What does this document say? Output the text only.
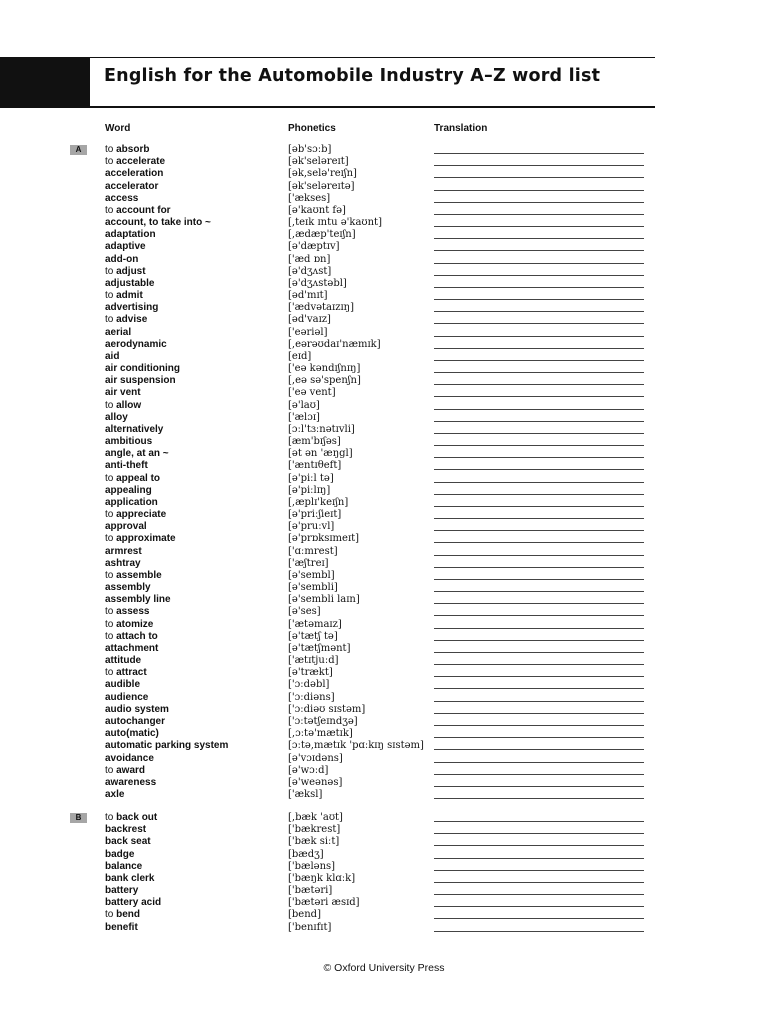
English for the Automobile Industry A–Z word list
Word	Phonetics	Translation
A	to absorb	[əb'sɔːb]
to accelerate	[ək'seləreɪt]
acceleration	[ək,selə'reɪʃn]
accelerator	[ək'seləreɪtə]
access	['ækses]
to account for	[ə'kaʊnt fə]
account, to take into ~	[,teɪk ɪntu ə'kaʊnt]
adaptation	[,ædæp'teɪʃn]
adaptive	[ə'dæptɪv]
add-on	['æd ɒn]
to adjust	[ə'dʒʌst]
adjustable	[ə'dʒʌstəbl]
to admit	[əd'mɪt]
advertising	['ædvətaɪzɪŋ]
to advise	[əd'vaɪz]
aerial	['eəriəl]
aerodynamic	[,eərəʊdaɪ'næmɪk]
aid	[eɪd]
air conditioning	['eə kəndɪʃnɪŋ]
air suspension	[,eə sə'spenʃn]
air vent	['eə vent]
to allow	[ə'laʊ]
alloy	['ælɔɪ]
alternatively	[ɔːl'tɜːnətɪvli]
ambitious	[æm'bɪʃəs]
angle, at an ~	[ət ən 'æŋgl]
anti-theft	['æntɪθeft]
to appeal to	[ə'piːl tə]
appealing	[ə'piːlɪŋ]
application	[,æplɪ'keɪʃn]
to appreciate	[ə'priːʃieɪt]
approval	[ə'pruːvl]
to approximate	[ə'prɒksɪmeɪt]
armrest	['ɑːmrest]
ashtray	['æʃtreɪ]
to assemble	[ə'sembl]
assembly	[ə'sembli]
assembly line	[ə'sembli laɪn]
to assess	[ə'ses]
to atomize	['ætəmaɪz]
to attach to	[ə'tætʃ tə]
attachment	[ə'tætʃmənt]
attitude	['ætɪtjuːd]
to attract	[ə'trækt]
audible	['ɔːdəbl]
audience	['ɔːdiəns]
audio system	['ɔːdiəʊ sɪstəm]
autochanger	['ɔːtətʃeɪndʒə]
auto(matic)	[,ɔːtə'mætɪk]
automatic parking system	[ɔːtə,mætɪk 'pɑːkɪŋ sɪstəm]
avoidance	[ə'vɔɪdəns]
to award	[ə'wɔːd]
awareness	[ə'weənəs]
axle	['æksl]
B	to back out	[,bæk 'aʊt]
backrest	['bækrest]
back seat	['bæk siːt]
badge	[bædʒ]
balance	['bæləns]
bank clerk	['bæŋk klɑːk]
battery	['bætəri]
battery acid	['bætəri æsɪd]
to bend	[bend]
benefit	['benɪfɪt]
© Oxford University Press
